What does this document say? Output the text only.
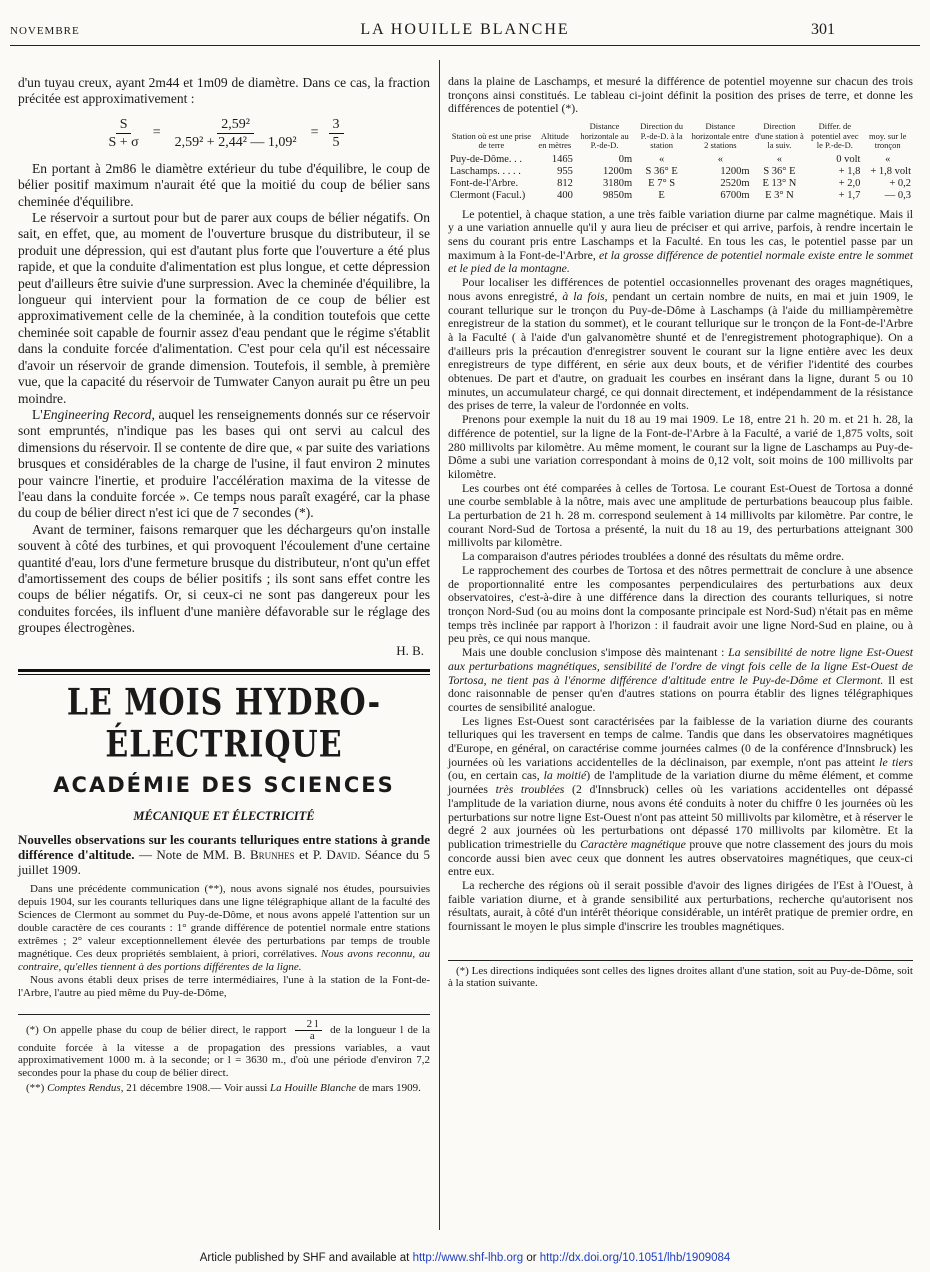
NOVEMBRE	LA HOUILLE BLANCHE	301

d'un tuyau creux, ayant 2m44 et 1m09 de diamètre. Dans ce cas, la fraction précitée est approximativement :

$\frac{S}{S + \sigma} = \frac{\text{2,59²}}{\text{2,59² + 2,44² — 1,09²}} = \frac{3}{5}$

En portant à 2m86 le diamètre extérieur du tube d'équilibre, le coup de bélier positif maximum n'aurait été que la moitié du coup de bélier sans cheminée d'équilibre.

Le réservoir a surtout pour but de parer aux coups de bélier négatifs. On sait, en effet, que, au moment de l'ouverture brusque du distributeur, il se produit une dépression, qui est d'autant plus forte que l'ouverture a été plus rapide, et que la conduite d'alimentation est plus longue, et cette dépression peut d'ailleurs être suivie d'une surpression. Avec la cheminée d'équilibre, la longueur qui intervient pour la formation de ce coup de bélier est approximativement celle de la cheminée, à la condition toutefois que cette cheminée soit capable de fournir assez d'eau pendant que le régime s'établit dans la conduite forcée d'alimentation. C'est pour cela qu'il est nécessaire d'avoir un réservoir de grande dimension. Toutefois, il semble, à première vue, que la capacité du réservoir de Tumwater Canyon aurait pu être un peu moindre.

L'Engineering Record, auquel les renseignements donnés sur ce réservoir sont empruntés, n'indique pas les bases qui ont servi au calcul des dimensions du réservoir. Il se contente de dire que, « par suite des variations brusques et considérables de la charge de l'usine, il faut environ 2 minutes pour vaincre l'inertie, et produire l'accélération maxima de la vitesse de l'eau dans la conduite forcée ». Ce temps nous paraît exagéré, car la phase du coup de bélier direct n'est ici que de 7 secondes (*).

Avant de terminer, faisons remarquer que les déchargeurs qu'on installe souvent à côté des turbines, et qui provoquent l'écoulement d'une certaine quantité d'eau, lors d'une fermeture brusque du distributeur, n'ont qu'un effet d'amortissement des coups de bélier positifs ; ils sont sans effet contre les coups de bélier négatifs. Or, si ceux-ci ne sont pas dangereux pour les conduites forcées, ils influent d'une manière défavorable sur le réglage des groupes électrogènes.

H. B.
LE MOIS HYDRO-ÉLECTRIQUE
ACADÉMIE DES SCIENCES
MÉCANIQUE ET ÉLECTRICITÉ
Nouvelles observations sur les courants telluriques entre stations à grande différence d'altitude. — Note de MM. B. Brunhes et P. David. Séance du 5 juillet 1909.

Dans une précédente communication (**), nous avons signalé nos études, poursuivies depuis 1904, sur les courants telluriques dans une ligne télégraphique allant de la faculté des Sciences de Clermont au sommet du Puy-de-Dôme, et nous avons appelé l'attention sur un double caractère de ces courants : 1° grande différence de potentiel normale entre stations extrêmes ; 2° valeur exceptionnellement élevée des perturbations par temps de trouble magnétique. Ces deux propriétés semblaient, à priori, corrélatives. Nous avons reconnu, au contraire, qu'elles tiennent à des portions différentes de la ligne.

Nous avons établi deux prises de terre intermédiaires, l'une à la station de la Font-de-l'Arbre, l'autre au pied même du Puy-de-Dôme,

(*) On appelle phase du coup de bélier direct, le rapport $\frac{2 l}{a}$ de la longueur l de la conduite forcée à la vitesse a de propagation des pressions variables, a vaut approximativement 1000 m. à la seconde; or l = 3630 m., d'où une période d'environ 7,2 secondes pour la phase du coup de bélier direct.

(**) Comptes Rendus, 21 décembre 1908.— Voir aussi La Houille Blanche de mars 1909.

dans la plaine de Laschamps, et mesuré la différence de potentiel moyenne sur chacun des trois tronçons ainsi constitués. Le tableau ci-joint définit la position des prises de terre, et donne les différences de potentiel (*).

Station où est une prise de terre	Altitude en mètres	Distance horizontale au P.-de-D.	Direction du P.-de-D. à la station	Distance horizontale entre 2 stations	Direction d'une station à la suiv.	Differ. de potentiel avec le P.-de-D.	moy. sur le tronçon
Puy-de-Dôme. . .	1465	0m	«	«	«	0 volt	«
Laschamps. . . . .	955	1200m	S 36° E	1200m	S 36° E	+ 1,8	+ 1,8 volt
Font-de-l'Arbre.	812	3180m	E 7° S	2520m	E 13° N	+ 2,0	+ 0,2
Clermont (Facul.)	400	9850m	E	6700m	E 3° N	+ 1,7	— 0,3

Le potentiel, à chaque station, a une très faible variation diurne par calme magnétique. Mais il y a une variation annuelle qu'il y aura lieu de préciser et qui arrive, parfois, à rendre incertain le sens du courant pris entre Laschamps et la Faculté. En tous les cas, le potentiel passe par un maximum à la Font-de-l'Arbre, et la grosse différence de potentiel normale existe entre le sommet et le pied de la montagne.

Pour localiser les différences de potentiel occasionnelles provenant des orages magnétiques, nous avons enregistré, à la fois, pendant un certain nombre de nuits, en mai et juin 1909, le courant tellurique sur le tronçon du Puy-de-Dôme à Laschamps (à l'aide du milliampèremètre enregistreur de la station du sommet), et le courant tellurique sur le tronçon de la Font-de-l'Arbre à la Faculté ( à l'aide d'un galvanomètre shunté et de l'enregistrement photographique). On a d'ailleurs pris la précaution d'enregistrer souvent le courant sur la ligne entière avec les deux enregistreurs de type différent, en série aux deux bouts, et de vérifier l'identité des courbes obtenues. De part et d'autre, on graduait les courbes en insérant dans la ligne, durant 5 ou 10 minutes, un accumulateur chargé, ce qui donnait directement, et indépendamment de la résistance des prises de terre, la valeur de l'ordonnée en volts.

Prenons pour exemple la nuit du 18 au 19 mai 1909. Le 18, entre 21 h. 20 m. et 21 h. 28, la différence de potentiel, sur la ligne de la Font-de-l'Arbre à la Faculté, a varié de 1,875 volts, soit 280 millivolts par kilomètre. Au même moment, le courant sur la ligne de Laschamps au Puy-de-Dôme a subi une variation correspondant à moins de 0,12 volt, soit moins de 100 millivolts par kilomètre.

Les courbes ont été comparées à celles de Tortosa. Le courant Est-Ouest de Tortosa a donné une courbe semblable à la nôtre, mais avec une amplitude de perturbations beaucoup plus faible. La perturbation de 21 h. 28 m. correspond seulement à 14 millivolts par kilomètre. Par contre, le courant Nord-Sud de Tortosa a présenté, la nuit du 18 au 19, des perturbations atteignant 300 millivolts par kilomètre.

La comparaison d'autres périodes troublées a donné des résultats du même ordre.

Le rapprochement des courbes de Tortosa et des nôtres permettrait de conclure à une absence de proportionnalité entre les composantes perpendiculaires des perturbations aux deux observatoires, c'est-à-dire à une différence dans la direction des courants telluriques, si notre tronçon Nord-Sud (ou au moins dont la composante principale est Nord-Sud) n'était pas en même temps très inclinée par rapport à l'horizon : il faudrait avoir une ligne Nord-Sud en plaine, ou à peu près, ce qui nous manque.

Mais une double conclusion s'impose dès maintenant : La sensibilité de notre ligne Est-Ouest aux perturbations magnétiques, sensibilité de l'ordre de vingt fois celle de la ligne Est-Ouest de Tortosa, ne tient pas à l'énorme différence d'altitude entre le Puy-de-Dôme et Clermont. Il est donc raisonnable de penser qu'en d'autres stations on pourra établir des lignes télégraphiques courtes de sensibilité analogue.

Les lignes Est-Ouest sont caractérisées par la faiblesse de la variation diurne des courants telluriques qui les traversent en temps de calme. Tandis que dans les observatoires magnétiques d'Europe, en général, on caractérise comme journées calmes (0 de la conférence d'Innsbruck) les journées où les variations accidentelles de la déclinaison, par exemple, n'ont pas atteint le tiers (ou, en certain cas, la moitié) de l'amplitude de la variation diurne du même élément, et comme journées très troublées (2 d'Innsbruck) celles où les variations accidentelles ont dépassé l'amplitude de la variation diurne, nous avons été conduits à noter du chiffre 0 les journées où les perturbations sur notre ligne Est-Ouest n'ont pas atteint 50 millivolts par kilomètre, et à réserver le degré 2 aux journées où les perturbations ont dépassé 170 millivolts par kilomètre. Et la publication trimestrielle du Caractère magnétique prouve que notre classement des jours du mois concorde aussi bien avec ceux que donnent les autres observatoires magnétiques, que ceux-ci entre eux.

La recherche des régions où il serait possible d'avoir des lignes dirigées de l'Est à l'Ouest, à faible variation diurne, et à grande sensibilité aux perturbations, recherche qu'autorisent nos résultats, aurait, à côté d'un intérêt théorique considérable, un intérêt pratique de premier ordre, en fournissant le moyen le plus simple d'inscrire les troubles magnétiques.

(*) Les directions indiquées sont celles des lignes droites allant d'une station, soit au Puy-de-Dôme, soit à la station suivante.

Article published by SHF and available at http://www.shf-lhb.org or http://dx.doi.org/10.1051/lhb/1909084
